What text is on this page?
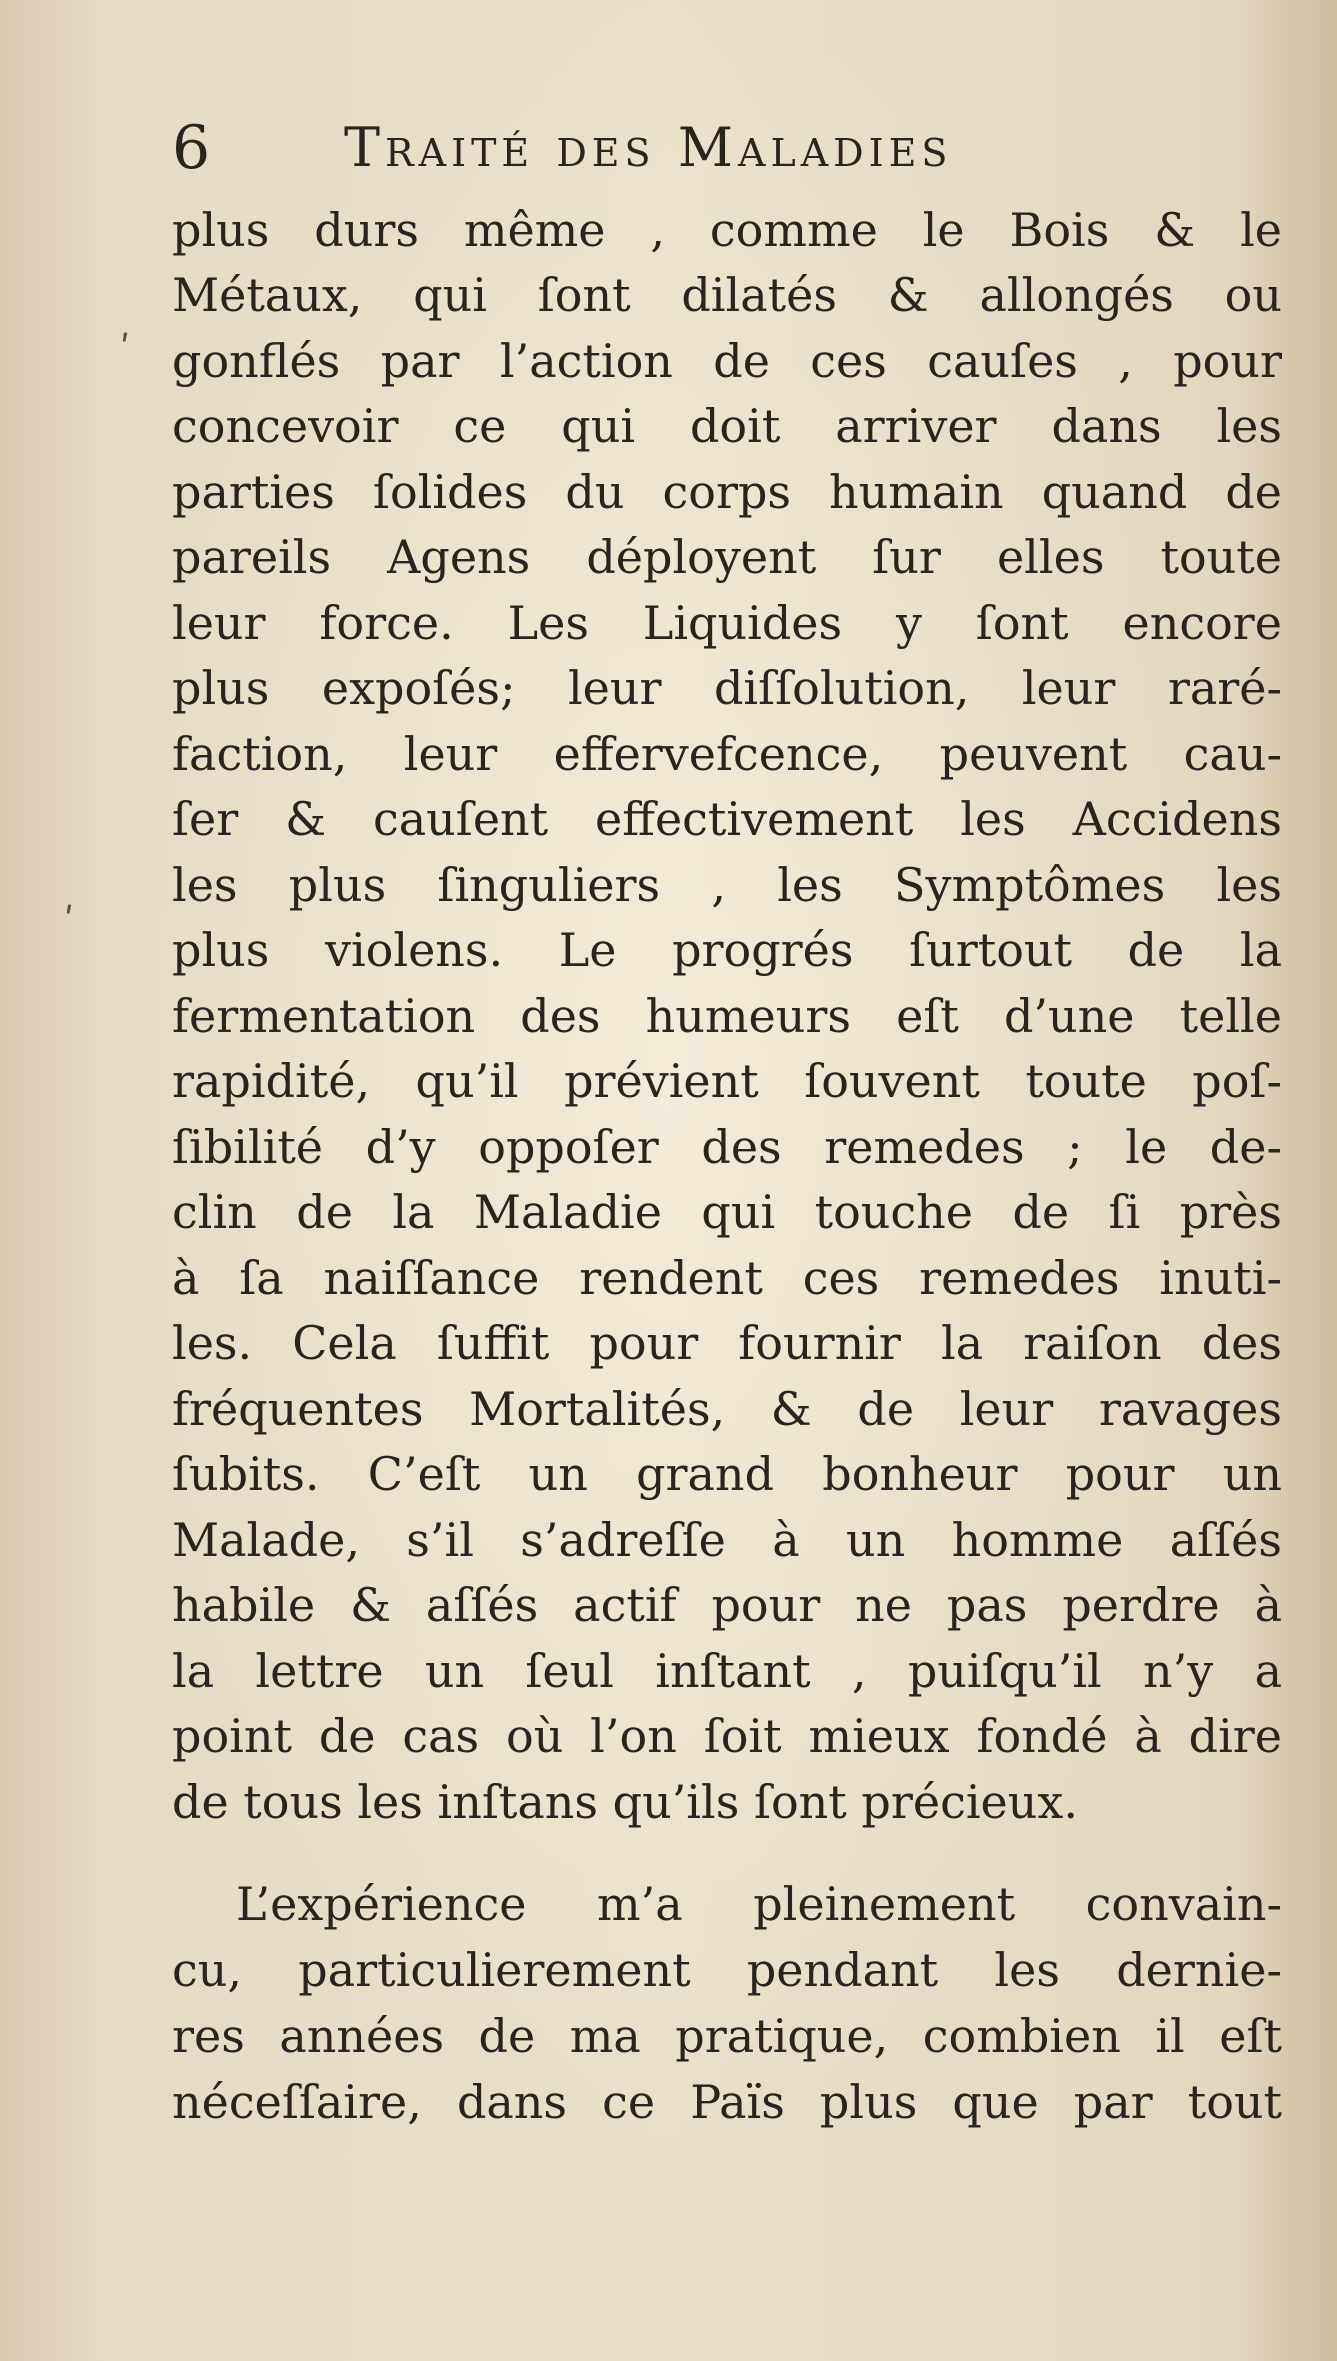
6 Traité des Maladies
ʹ
ʹ
plus durs même , comme le Bois & le
Métaux, qui ſont dilatés & allongés ou
gonflés par l’action de ces cauſes , pour
concevoir ce qui doit arriver dans les
parties ſolides du corps humain quand de
pareils Agens déployent ſur elles toute
leur force. Les Liquides y ſont encore
plus expoſés; leur diſſolution, leur raré-
faction, leur effervefcence, peuvent cau-
ſer & cauſent effectivement les Accidens
les plus ſinguliers , les Symptômes les
plus violens. Le progrés ſurtout de la
fermentation des humeurs eſt d’une telle
rapidité, qu’il prévient ſouvent toute poſ-
ſibilité d’y oppoſer des remedes ; le de-
clin de la Maladie qui touche de ſi près
à ſa naiſſance rendent ces remedes inuti-
les. Cela ſuffit pour fournir la raiſon des
fréquentes Mortalités, & de leur ravages
ſubits. C’eſt un grand bonheur pour un
Malade, s’il s’adreſſe à un homme aſſés
habile & aſſés actif pour ne pas perdre à
la lettre un ſeul inſtant , puiſqu’il n’y a
point de cas où l’on ſoit mieux fondé à dire
de tous les inſtans qu’ils ſont précieux.
L’expérience m’a pleinement convain-
cu, particulierement pendant les dernie-
res années de ma pratique, combien il eſt
néceſſaire, dans ce Païs plus que par tout
